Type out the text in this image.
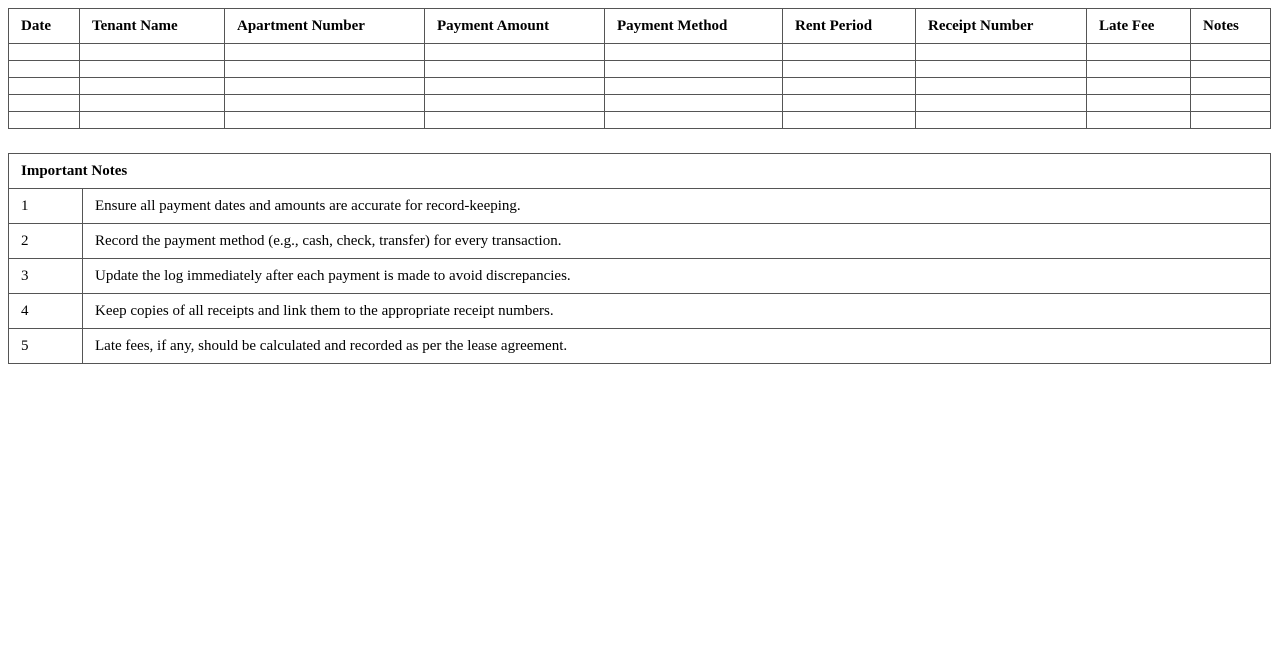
Date	Tenant Name	Apartment Number	Payment Amount	Payment Method	Rent Period	Receipt Number	Late Fee	Notes

Important Notes	
1	Ensure all payment dates and amounts are accurate for record-keeping.
2	Record the payment method (e.g., cash, check, transfer) for every transaction.
3	Update the log immediately after each payment is made to avoid discrepancies.
4	Keep copies of all receipts and link them to the appropriate receipt numbers.
5	Late fees, if any, should be calculated and recorded as per the lease agreement.
